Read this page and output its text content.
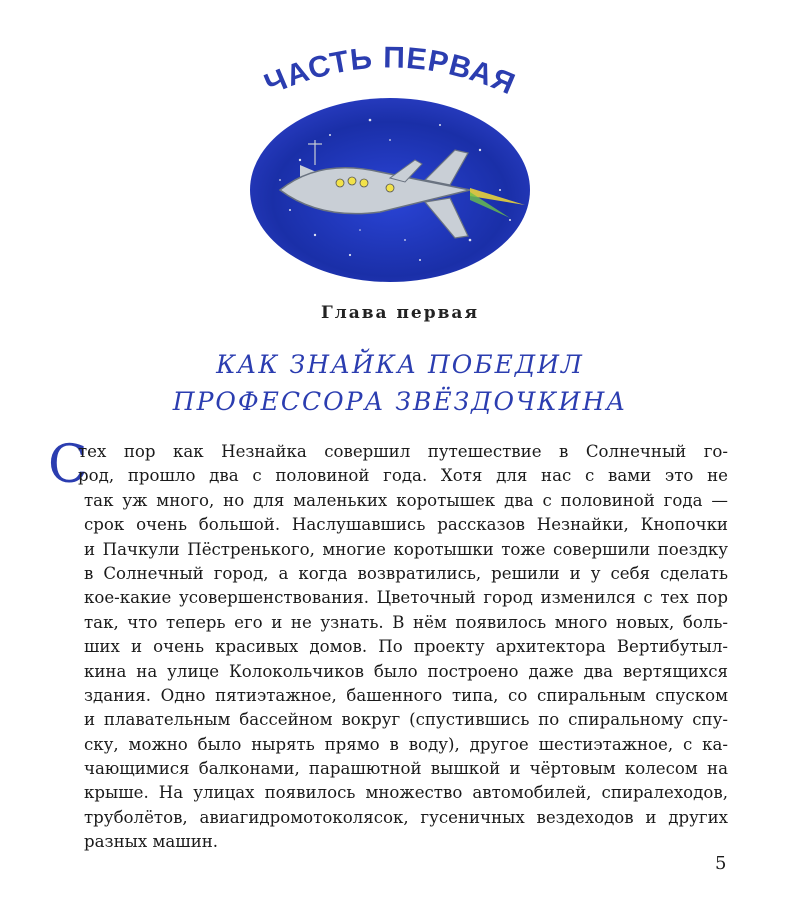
ЧАСТЬ ПЕРВАЯ
Глава первая
КАК ЗНАЙКА ПОБЕДИЛ
ПРОФЕССОРА ЗВЁЗДОЧКИНА
С
тех пор как Незнайка совершил путешествие в Солнечный го-
род, прошло два с половиной года. Хотя для нас с вами это не
так уж много, но для маленьких коротышек два с половиной года —
срок очень большой. Наслушавшись рассказов Незнайки, Кнопочки
и Пачкули Пёстренького, многие коротышки тоже совершили поездку
в Солнечный город, а когда возвратились, решили и у себя сделать
кое-какие усовершенствования. Цветочный город изменился с тех пор
так, что теперь его и не узнать. В нём появилось много новых, боль-
ших и очень красивых домов. По проекту архитектора Вертибутыл-
кина на улице Колокольчиков было построено даже два вертящихся
здания. Одно пятиэтажное, башенного типа, со спиральным спуском
и плавательным бассейном вокруг (спустившись по спиральному спу-
ску, можно было нырять прямо в воду), другое шестиэтажное, с ка-
чающимися балконами, парашютной вышкой и чёртовым колесом на
крыше. На улицах появилось множество автомобилей, спиралеходов,
труболётов, авиагидромотоколясок, гусеничных вездеходов и других
разных машин.
5
